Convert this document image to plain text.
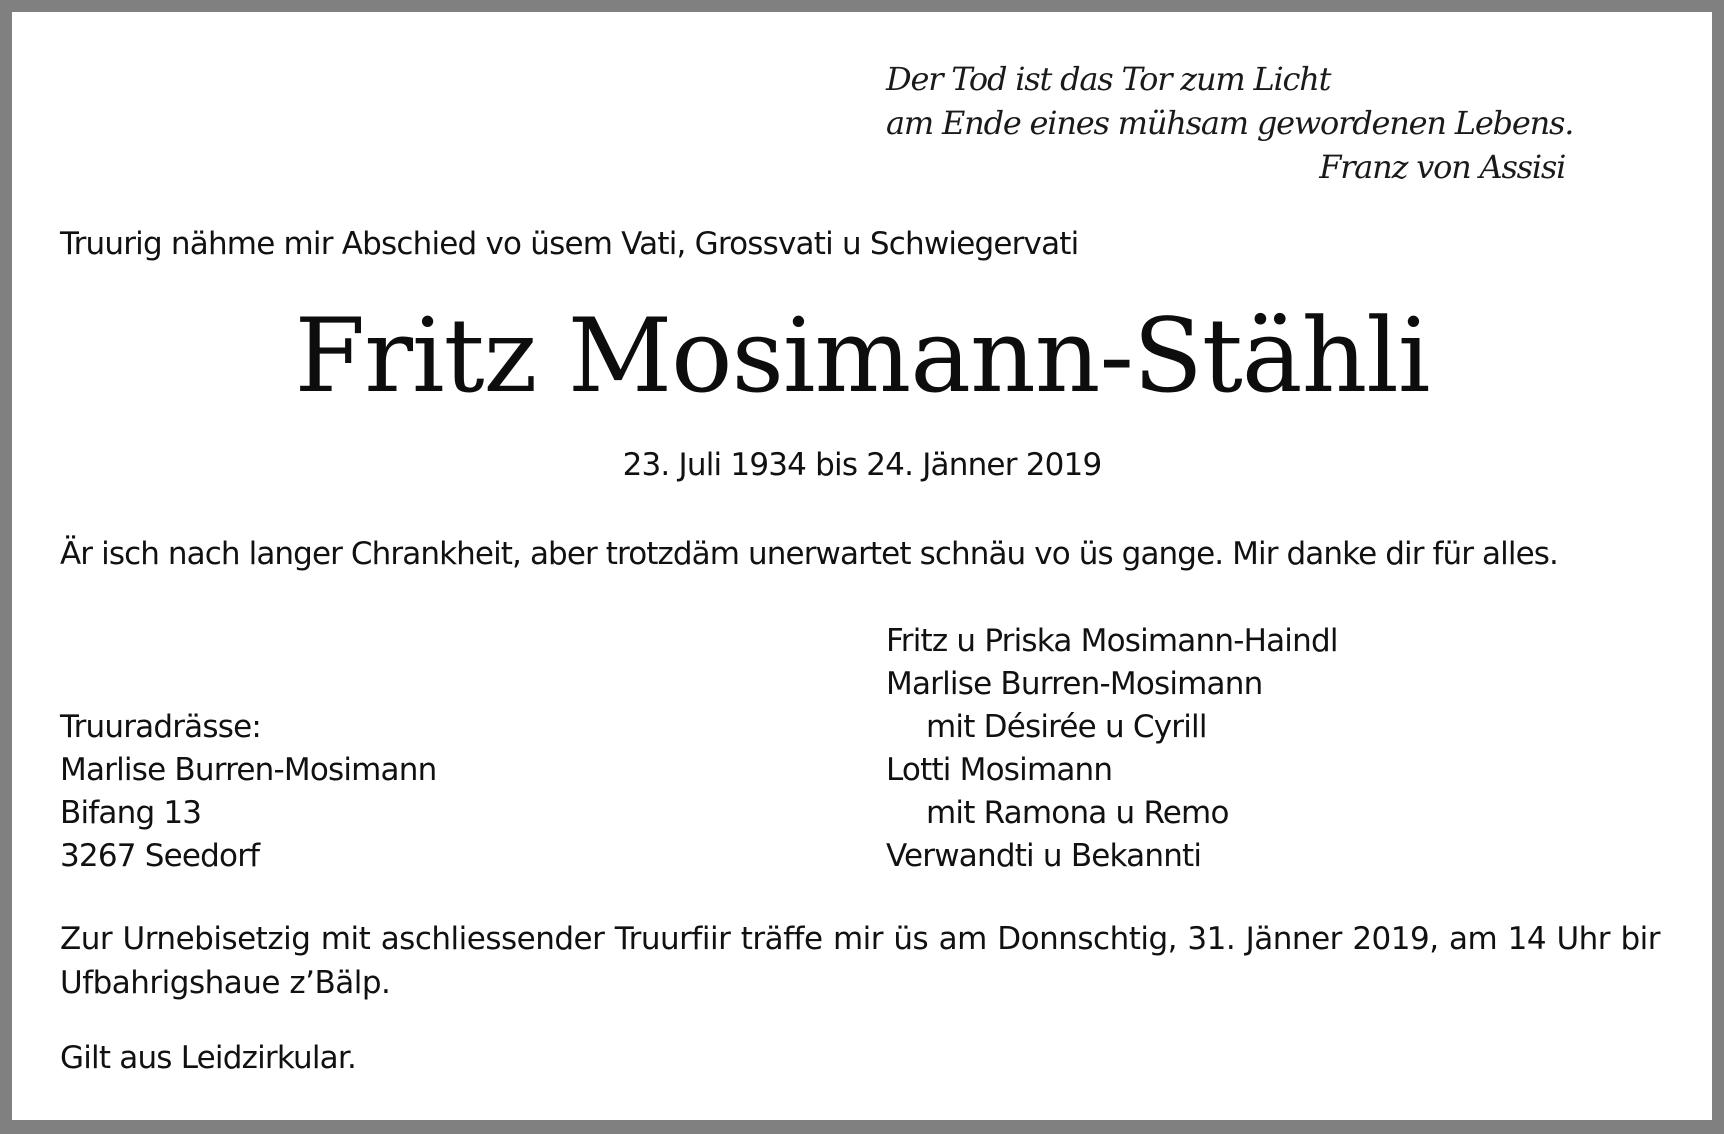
Der Tod ist das Tor zum Licht
am Ende eines mühsam gewordenen Lebens.
Franz von Assisi
Truurig nähme mir Abschied vo üsem Vati, Grossvati u Schwiegervati
Fritz Mosimann-Stähli
23. Juli 1934 bis 24. Jänner 2019
Är isch nach langer Chrankheit, aber trotzdäm unerwartet schnäu vo üs gange. Mir danke dir für alles.
Fritz u Priska Mosimann-Haindl
Marlise Burren-Mosimann
mit Désirée u Cyrill
Lotti Mosimann
mit Ramona u Remo
Verwandti u Bekannti
Truuradrässe:
Marlise Burren-Mosimann
Bifang 13
3267 Seedorf
Zur Urnebisetzig mit aschliessender Truurfiir träffe mir üs am Donnschtig, 31. Jänner 2019, am 14 Uhr bir Ufbahrigshaue z’Bälp.
Gilt aus Leidzirkular.
